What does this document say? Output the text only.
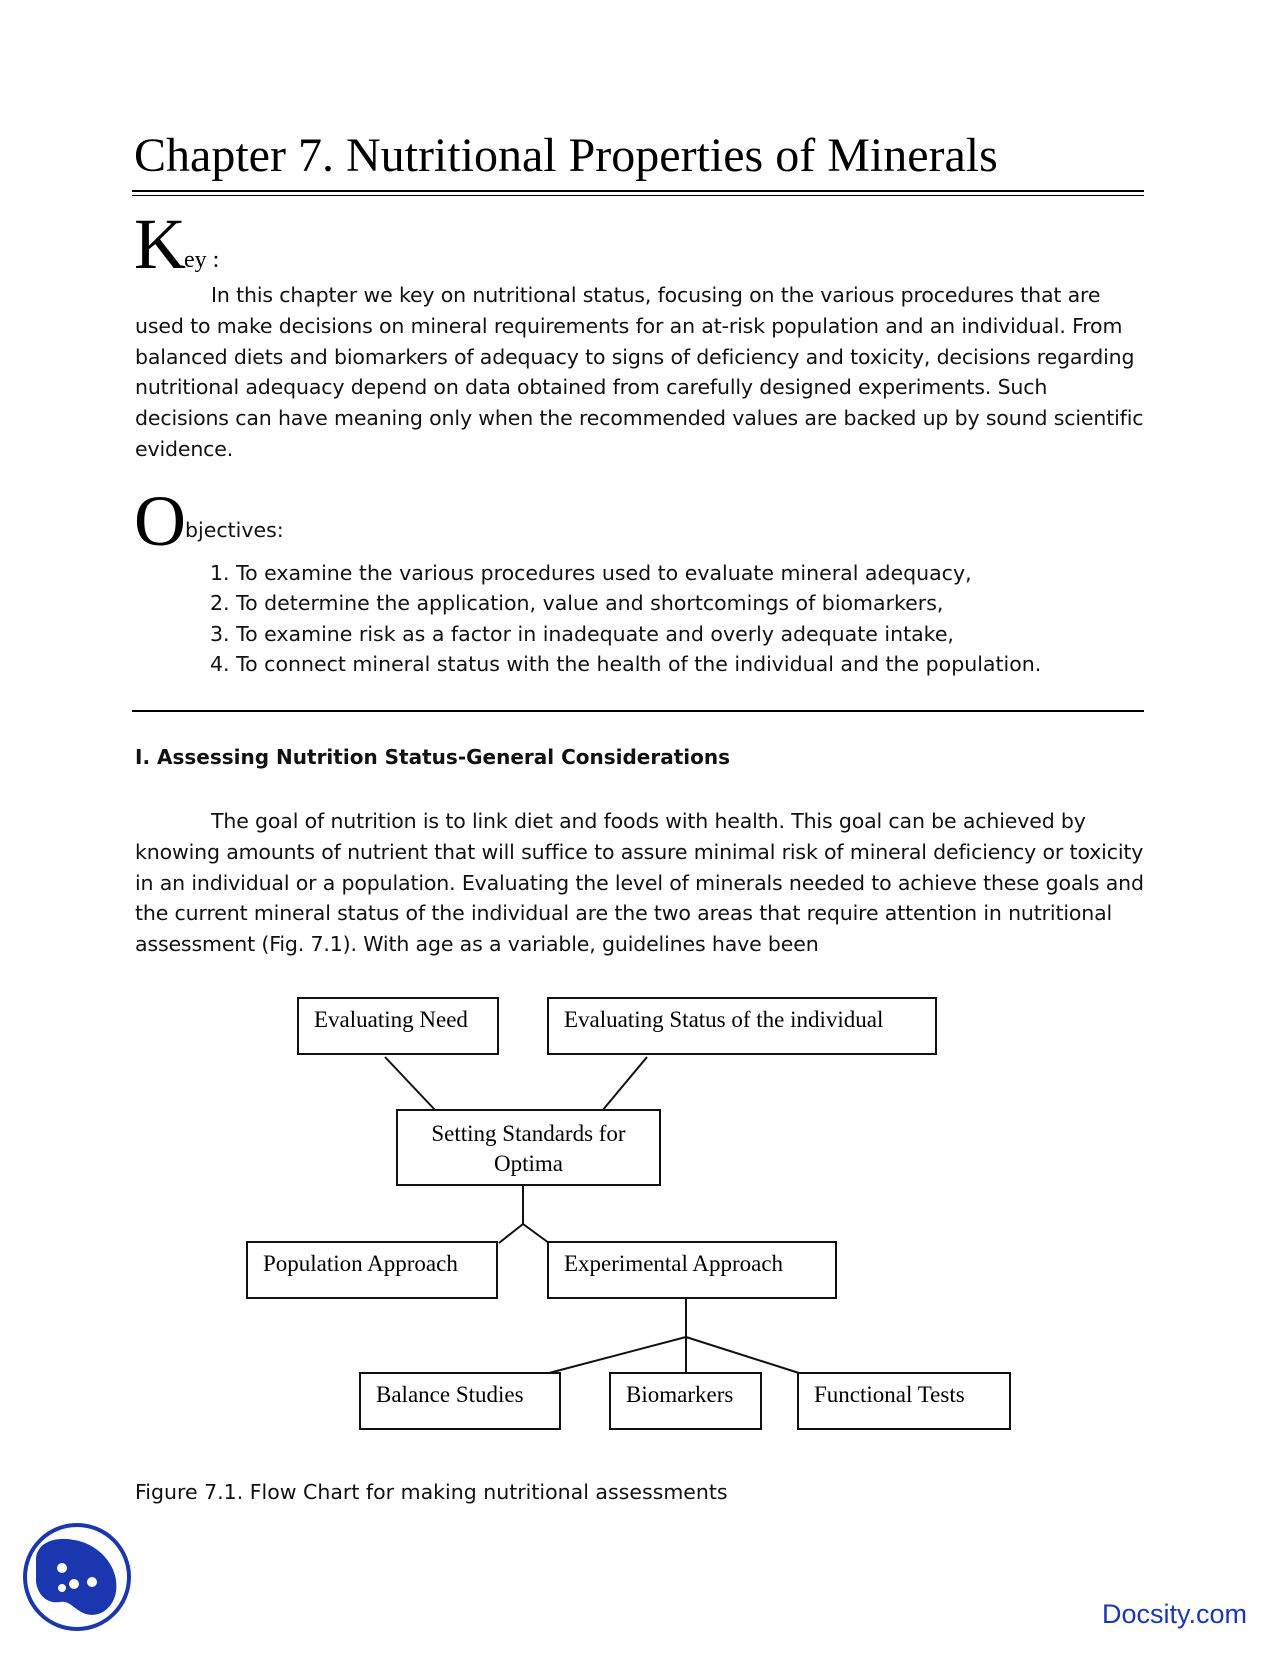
Chapter 7. Nutritional Properties of Minerals
K
ey :

In this chapter we key on nutritional status, focusing on the various procedures that are used to make decisions on mineral requirements for an at-risk population and an individual. From balanced diets and biomarkers of adequacy to signs of deficiency and toxicity, decisions regarding nutritional adequacy depend on data obtained from carefully designed experiments. Such decisions can have meaning only when the recommended values are backed up by sound scientific evidence.

O bjectives:
1. To examine the various procedures used to evaluate mineral adequacy,
2. To determine the application, value and shortcomings of biomarkers,
3. To examine risk as a factor in inadequate and overly adequate intake,
4. To connect mineral status with the health of the individual and the population.
I. Assessing Nutrition Status-General Considerations

The goal of nutrition is to link diet and foods with health. This goal can be achieved by knowing amounts of nutrient that will suffice to assure minimal risk of mineral deficiency or toxicity in an individual or a population. Evaluating the level of minerals needed to achieve these goals and the current mineral status of the individual are the two areas that require attention in nutritional assessment (Fig. 7.1). With age as a variable, guidelines have been

Evaluating Need	Evaluating Status of the individual
Setting Standards for Optima
Population Approach	Experimental Approach
Balance Studies	Biomarkers	Functional Tests
Figure 7.1. Flow Chart for making nutritional assessments
Docsity.com
